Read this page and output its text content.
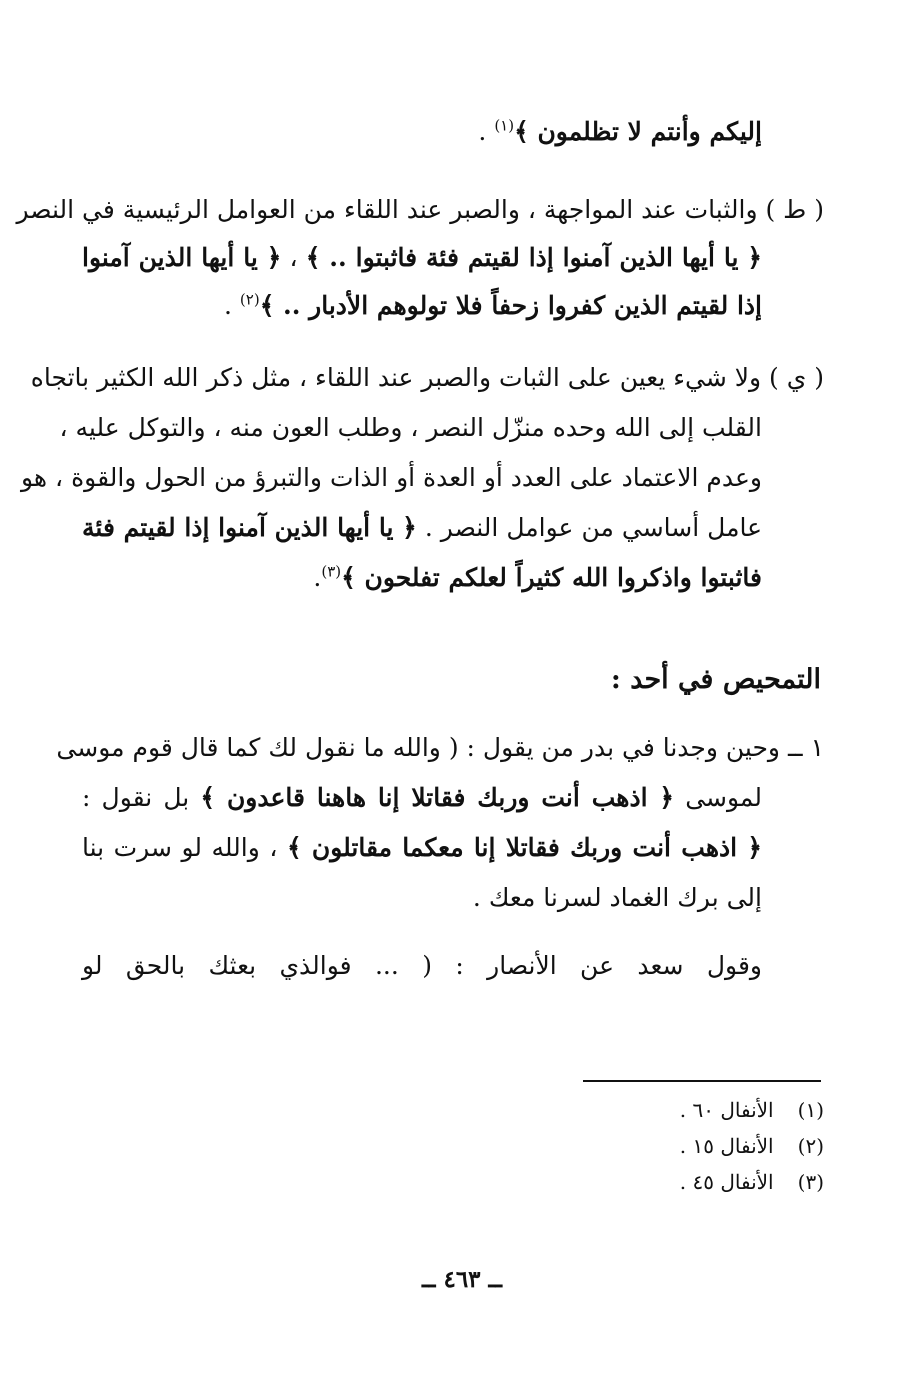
إليكم وأنتم لا تظلمون ﴾$^{(١)}$ .
( ط ) والثبات عند المواجهة ، والصبر عند اللقاء من العوامل الرئيسية في النصر
﴿ يا أيها الذين آمنوا إذا لقيتم فئة فاثبتوا .. ﴾ ، ﴿ يا أيها الذين آمنوا
إذا لقيتم الذين كفروا زحفاً فلا تولوهم الأدبار .. ﴾$^{(٢)}$ .
( ي ) ولا شيء يعين على الثبات والصبر عند اللقاء ، مثل ذكر الله الكثير باتجاه
القلب إلى الله وحده منزّل النصر ، وطلب العون منه ، والتوكل عليه ،
وعدم الاعتماد على العدد أو العدة أو الذات والتبرؤ من الحول والقوة ، هو
عامل أساسي من عوامل النصر . ﴿ يا أيها الذين آمنوا إذا لقيتم فئة
فاثبتوا واذكروا الله كثيراً لعلكم تفلحون ﴾$^{(٣)}$.
التمحيص في أحد :
١ ــ وحين وجدنا في بدر من يقول : ( والله ما نقول لك كما قال قوم موسى
لموسى ﴿ اذهب أنت وربك فقاتلا إنا هاهنا قاعدون ﴾ بل نقول :
﴿ اذهب أنت وربك فقاتلا إنا معكما مقاتلون ﴾ ، والله لو سرت بنا
إلى برك الغماد لسرنا معك .
وقول سعد عن الأنصار : ( ... فوالذي بعثك بالحق لو
(١)الأنفال ٦٠ .
(٢)الأنفال ١٥ .
(٣)الأنفال ٤٥ .
ــ ٤٦٣ ــ
